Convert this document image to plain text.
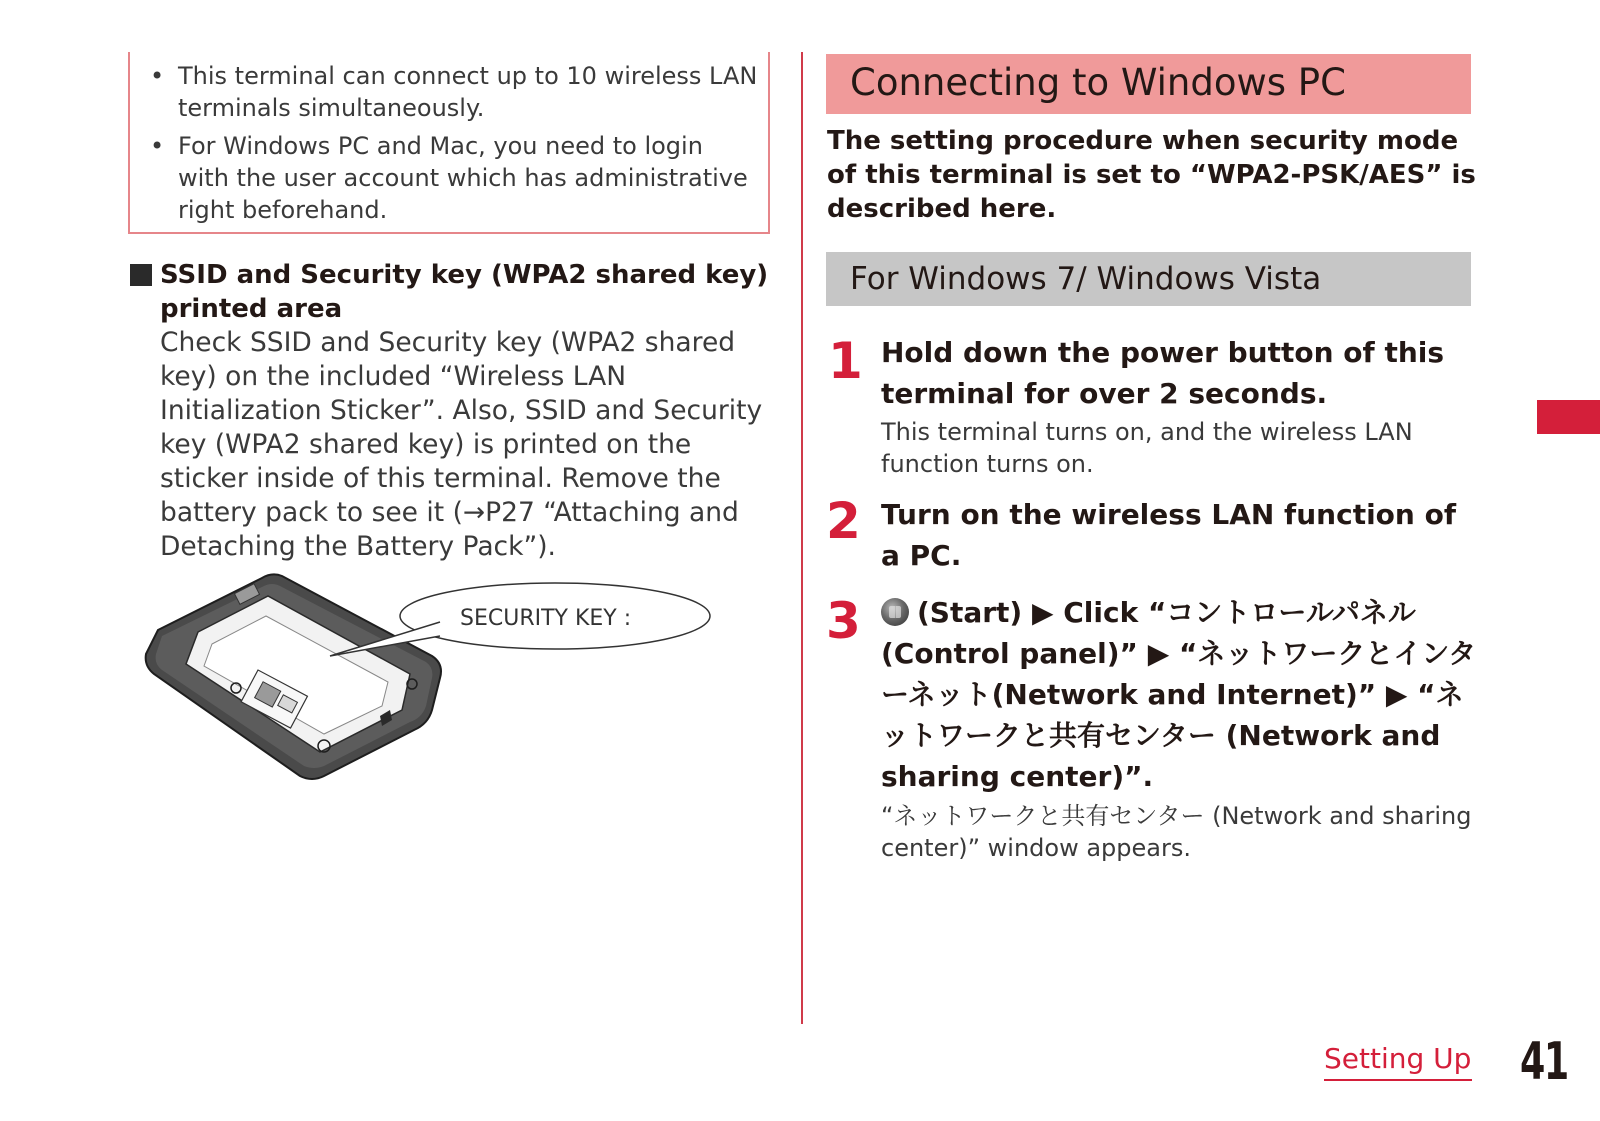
• This terminal can connect up to 10 wireless LAN terminals simultaneously.
• For Windows PC and Mac, you need to login with the user account which has administrative right beforehand.
SSID and Security key (WPA2 shared key) printed area
Check SSID and Security key (WPA2 shared key) on the included “Wireless LAN Initialization Sticker”. Also, SSID and Security key (WPA2 shared key) is printed on the sticker inside of this terminal. Remove the battery pack to see it (→P27 “Attaching and Detaching the Battery Pack”).
SECURITY KEY :
Connecting to Windows PC
The setting procedure when security mode of this terminal is set to “WPA2-PSK/AES” is described here.
For Windows 7/ Windows Vista
1 Hold down the power button of this terminal for over 2 seconds.
This terminal turns on, and the wireless LAN function turns on.
2 Turn on the wireless LAN function of a PC.
3	(Start) ▶ Click “コントロールパネル (Control panel)” ▶ “ネットワークとインターネット(Network and Internet)” ▶ “ネットワークと共有センター (Network and sharing center)”.
“ネットワークと共有センター (Network and sharing center)” window appears.
Setting Up 41
